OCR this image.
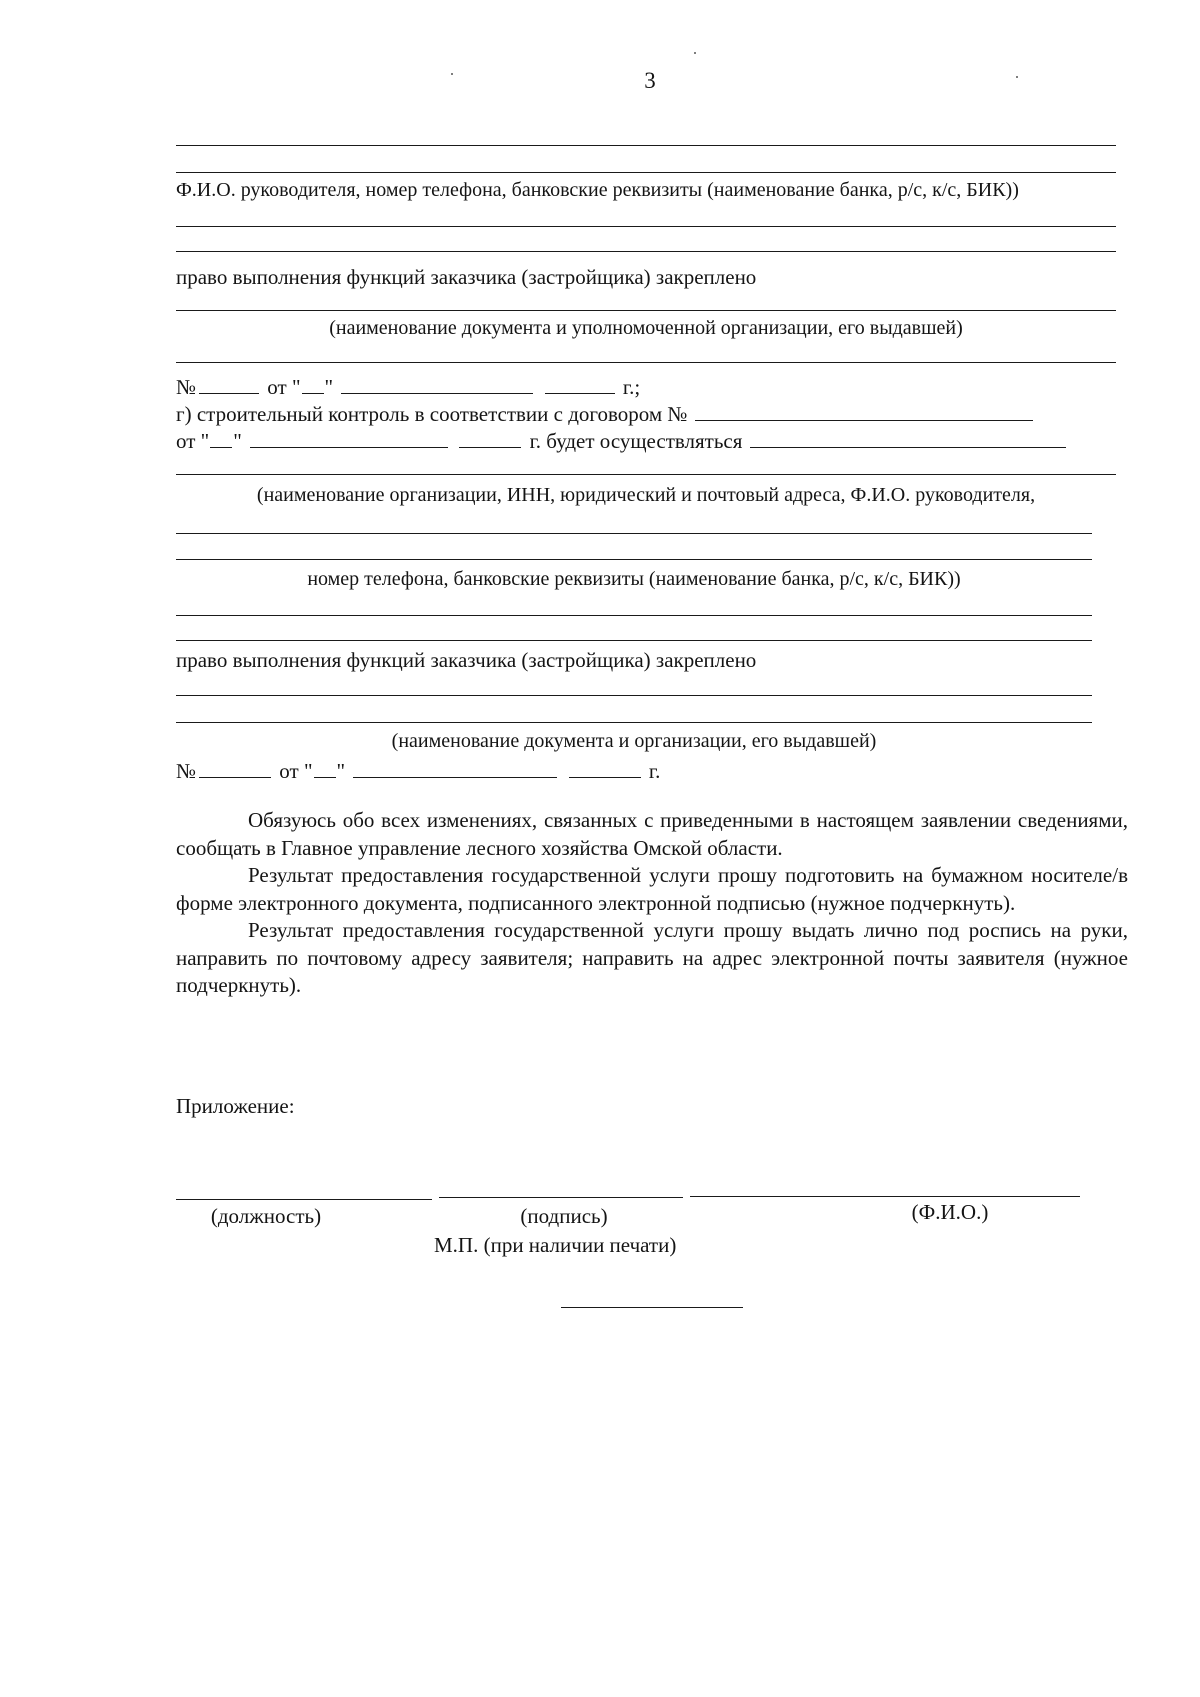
3
Ф.И.О. руководителя, номер телефона, банковские реквизиты (наименование банка, р/с, к/с, БИК))
право выполнения функций заказчика (застройщика) закреплено
(наименование документа и уполномоченной организации, его выдавшей)
№	от " "	г.;
г) строительный контроль в соответствии с договором №
от " "	г. будет осуществляться
(наименование организации, ИНН, юридический и почтовый адреса, Ф.И.О. руководителя,
номер телефона, банковские реквизиты (наименование банка, р/с, к/с, БИК))
право выполнения функций заказчика (застройщика) закреплено
(наименование документа и организации, его выдавшей)
№	от " "	г.

Обязуюсь обо всех изменениях, связанных с приведенными в настоящем заявлении сведениями, сообщать в Главное управление лесного хозяйства Омской области.

Результат предоставления государственной услуги прошу подготовить на бумажном носителе/в форме электронного документа, подписанного электронной подписью (нужное подчеркнуть).

Результат предоставления государственной услуги прошу выдать лично под роспись на руки, направить по почтовому адресу заявителя; направить на адрес электронной почты заявителя (нужное подчеркнуть).

Приложение:
(должность)	(подпись)	(Ф.И.О.)
М.П. (при наличии печати)
